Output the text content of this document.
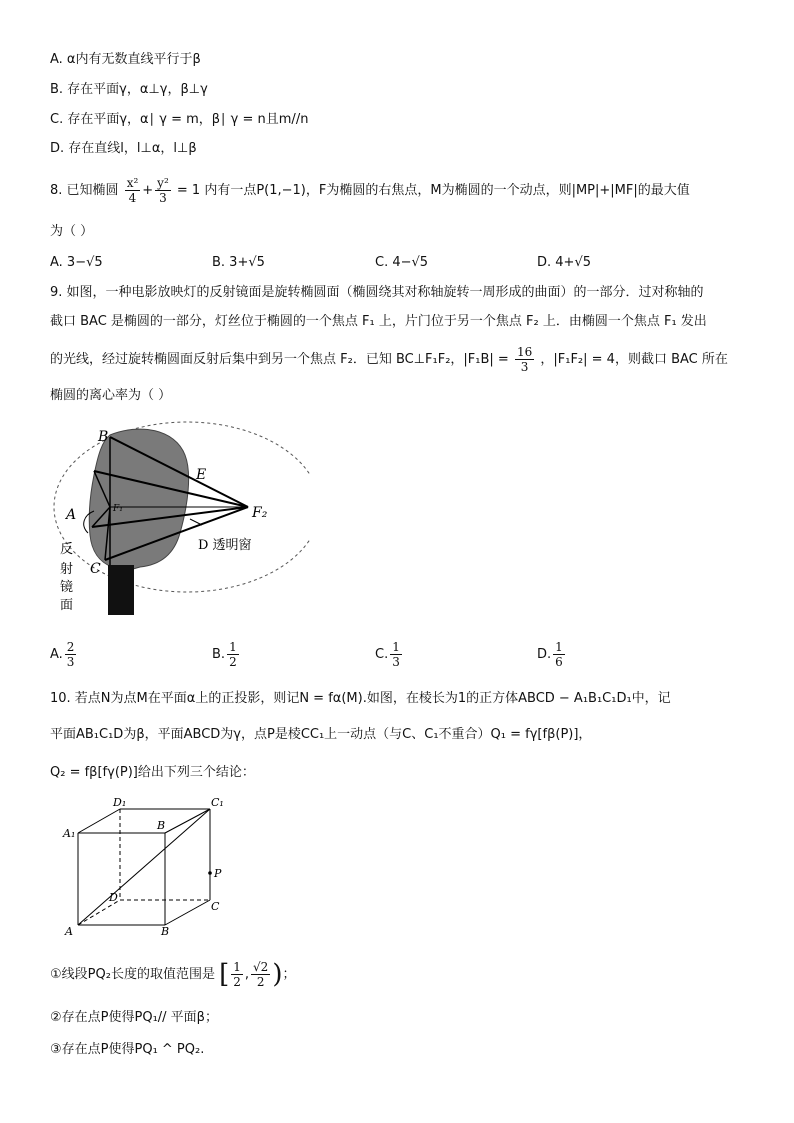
A. α内有无数直线平行于β
B. 存在平面γ，α⊥γ，β⊥γ
C. 存在平面γ，α∣ γ = m，β∣ γ = n且m//n
D. 存在直线l，l⊥α，l⊥β
8. 已知椭圆 $\frac{\text{x²}}{4} + \frac{\text{y²}}{3} = 1$ 内有一点P(1,−1)，F为椭圆的右焦点，M为椭圆的一个动点，则|MP|+|MF|的最大值
为（ ）
A. 3−√5	B. 3+√5	C. 4−√5	D. 4+√5
9. 如图，一种电影放映灯的反射镜面是旋转椭圆面（椭圆绕其对称轴旋转一周形成的曲面）的一部分．过对称轴的
截口 BAC 是椭圆的一部分，灯丝位于椭圆的一个焦点 F₁ 上，片门位于另一个焦点 F₂ 上．由椭圆一个焦点 F₁ 发出
的光线，经过旋转椭圆面反射后集中到另一个焦点 F₂．已知 BC⊥F₁F₂，$|F_1B| = \frac{16}{3}$ ，|F₁F₂| = 4，则截口 BAC 所在
椭圆的离心率为（ ）
B
E
A	F₁	F₂
C
D 透明窗
反
射
镜
面
A. $\frac{2}{3}$	B. $\frac{1}{2}$	C. $\frac{1}{3}$	D. $\frac{1}{6}$
10. 若点N为点M在平面α上的正投影，则记N = fα(M).如图，在棱长为1的正方体ABCD − A₁B₁C₁D₁中，记
平面AB₁C₁D为β，平面ABCD为γ，点P是棱CC₁上一动点（与C、C₁不重合）Q₁ = fγ[fβ(P)]，
Q₂ = fβ[fγ(P)]给出下列三个结论：
D₁	C₁
A₁
B
P
D
C
A	B
①线段PQ₂长度的取值范围是 [ $\frac{1}{2}$ , $\frac{√2}{2}$ )；
②存在点P使得PQ₁// 平面β；
③存在点P使得PQ₁ ^ PQ₂.
